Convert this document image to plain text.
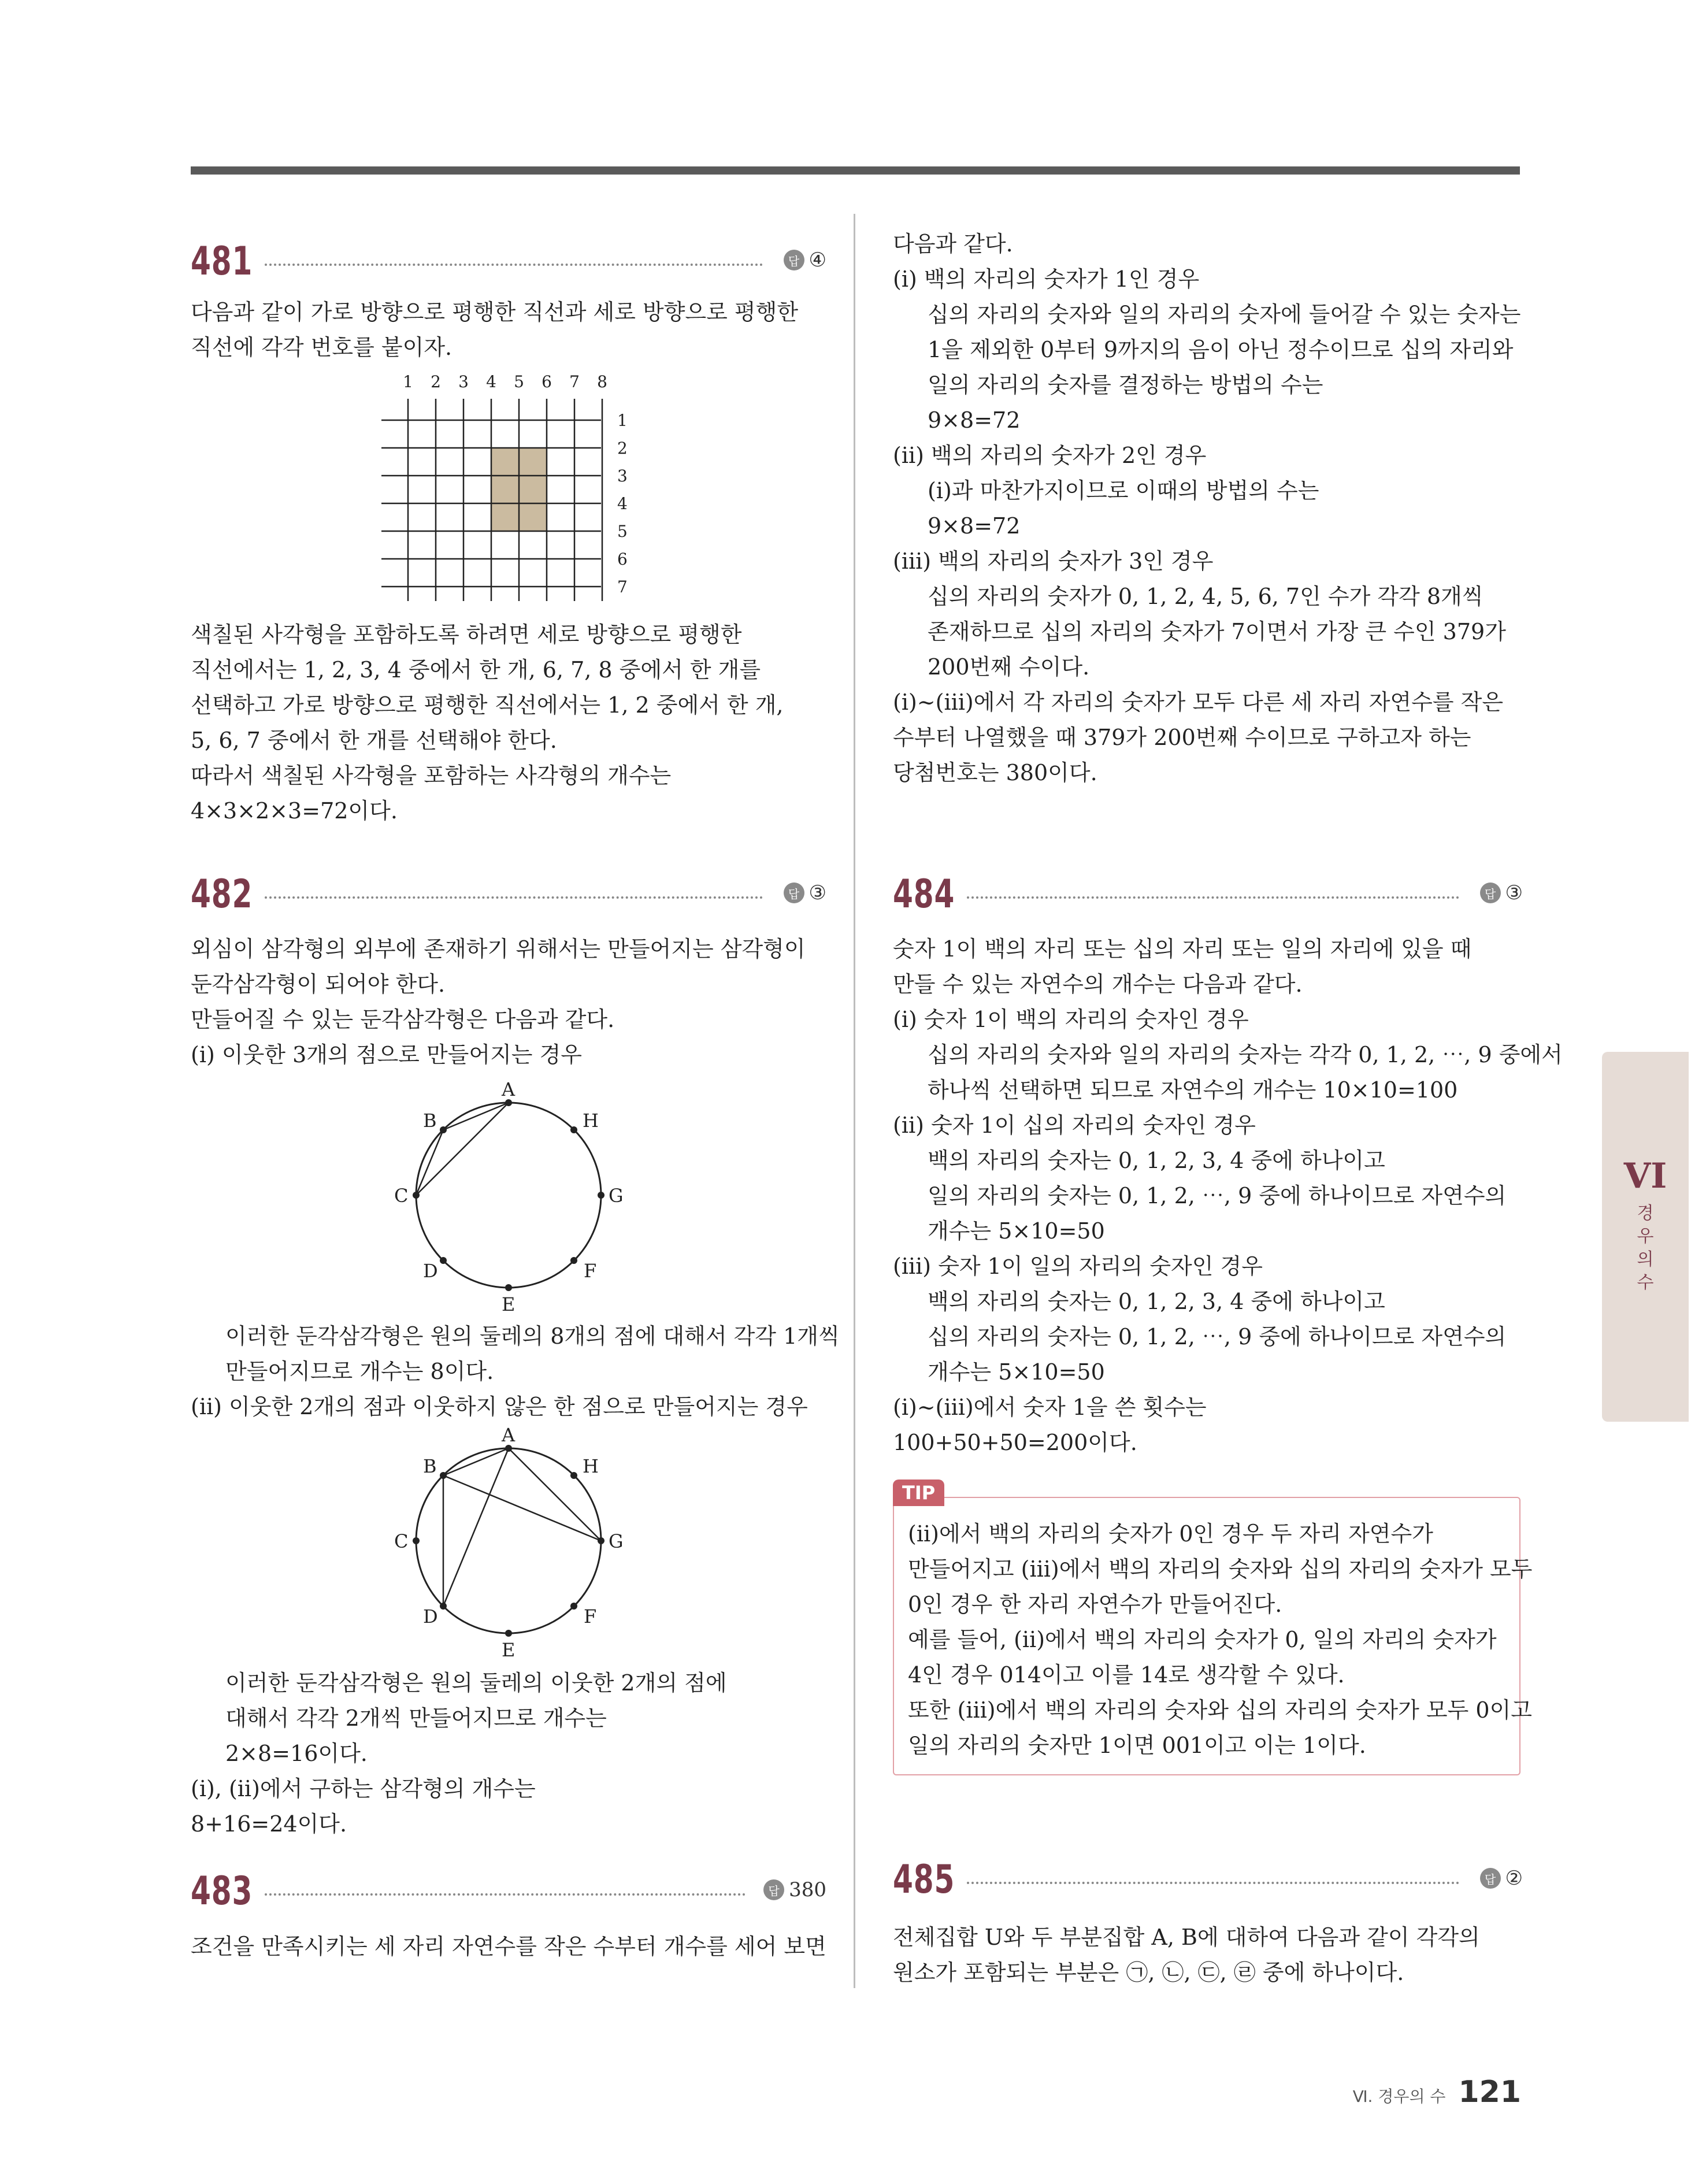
481	답 ④

다음과 같이 가로 방향으로 평행한 직선과 세로 방향으로 평행한

직선에 각각 번호를 붙이자.

1 2 3 4 5 6 7 8
1
2
3
4
5
6
7

색칠된 사각형을 포함하도록 하려면 세로 방향으로 평행한

직선에서는 1, 2, 3, 4 중에서 한 개, 6, 7, 8 중에서 한 개를

선택하고 가로 방향으로 평행한 직선에서는 1, 2 중에서 한 개,

5, 6, 7 중에서 한 개를 선택해야 한다.

따라서 색칠된 사각형을 포함하는 사각형의 개수는

4×3×2×3=72이다.

482	답 ③

외심이 삼각형의 외부에 존재하기 위해서는 만들어지는 삼각형이

둔각삼각형이 되어야 한다.

만들어질 수 있는 둔각삼각형은 다음과 같다.

(ⅰ) 이웃한 3개의 점으로 만들어지는 경우

A
B	H
C	G
D	F
E

이러한 둔각삼각형은 원의 둘레의 8개의 점에 대해서 각각 1개씩

만들어지므로 개수는 8이다.

(ⅱ) 이웃한 2개의 점과 이웃하지 않은 한 점으로 만들어지는 경우

A
B	H
C	G
D	F
E

이러한 둔각삼각형은 원의 둘레의 이웃한 2개의 점에

대해서 각각 2개씩 만들어지므로 개수는

2×8=16이다.

(ⅰ), (ⅱ)에서 구하는 삼각형의 개수는

8+16=24이다.

483	답 380

조건을 만족시키는 세 자리 자연수를 작은 수부터 개수를 세어 보면

다음과 같다.

(ⅰ) 백의 자리의 숫자가 1인 경우

십의 자리의 숫자와 일의 자리의 숫자에 들어갈 수 있는 숫자는

1을 제외한 0부터 9까지의 음이 아닌 정수이므로 십의 자리와

일의 자리의 숫자를 결정하는 방법의 수는

9×8=72

(ⅱ) 백의 자리의 숫자가 2인 경우

(ⅰ)과 마찬가지이므로 이때의 방법의 수는

9×8=72

(ⅲ) 백의 자리의 숫자가 3인 경우

십의 자리의 숫자가 0, 1, 2, 4, 5, 6, 7인 수가 각각 8개씩

존재하므로 십의 자리의 숫자가 7이면서 가장 큰 수인 379가

200번째 수이다.

(ⅰ)~(ⅲ)에서 각 자리의 숫자가 모두 다른 세 자리 자연수를 작은

수부터 나열했을 때 379가 200번째 수이므로 구하고자 하는

당첨번호는 380이다.

484	답 ③

숫자 1이 백의 자리 또는 십의 자리 또는 일의 자리에 있을 때

만들 수 있는 자연수의 개수는 다음과 같다.

(ⅰ) 숫자 1이 백의 자리의 숫자인 경우

십의 자리의 숫자와 일의 자리의 숫자는 각각 0, 1, 2, ⋯, 9 중에서

하나씩 선택하면 되므로 자연수의 개수는 10×10=100

(ⅱ) 숫자 1이 십의 자리의 숫자인 경우

백의 자리의 숫자는 0, 1, 2, 3, 4 중에 하나이고

일의 자리의 숫자는 0, 1, 2, ⋯, 9 중에 하나이므로 자연수의

개수는 5×10=50

(ⅲ) 숫자 1이 일의 자리의 숫자인 경우

백의 자리의 숫자는 0, 1, 2, 3, 4 중에 하나이고

십의 자리의 숫자는 0, 1, 2, ⋯, 9 중에 하나이므로 자연수의

개수는 5×10=50

(ⅰ)~(ⅲ)에서 숫자 1을 쓴 횟수는

100+50+50=200이다.

TIP

(ⅱ)에서 백의 자리의 숫자가 0인 경우 두 자리 자연수가

만들어지고 (ⅲ)에서 백의 자리의 숫자와 십의 자리의 숫자가 모두

0인 경우 한 자리 자연수가 만들어진다.

예를 들어, (ⅱ)에서 백의 자리의 숫자가 0, 일의 자리의 숫자가

4인 경우 014이고 이를 14로 생각할 수 있다.

또한 (ⅲ)에서 백의 자리의 숫자와 십의 자리의 숫자가 모두 0이고

일의 자리의 숫자만 1이면 001이고 이는 1이다.

485	답 ②

전체집합 U와 두 부분집합 A, B에 대하여 다음과 같이 각각의

원소가 포함되는 부분은 ㉠, ㉡, ㉢, ㉣ 중에 하나이다.

VI
경
우
의
수
Ⅵ. 경우의 수 121
